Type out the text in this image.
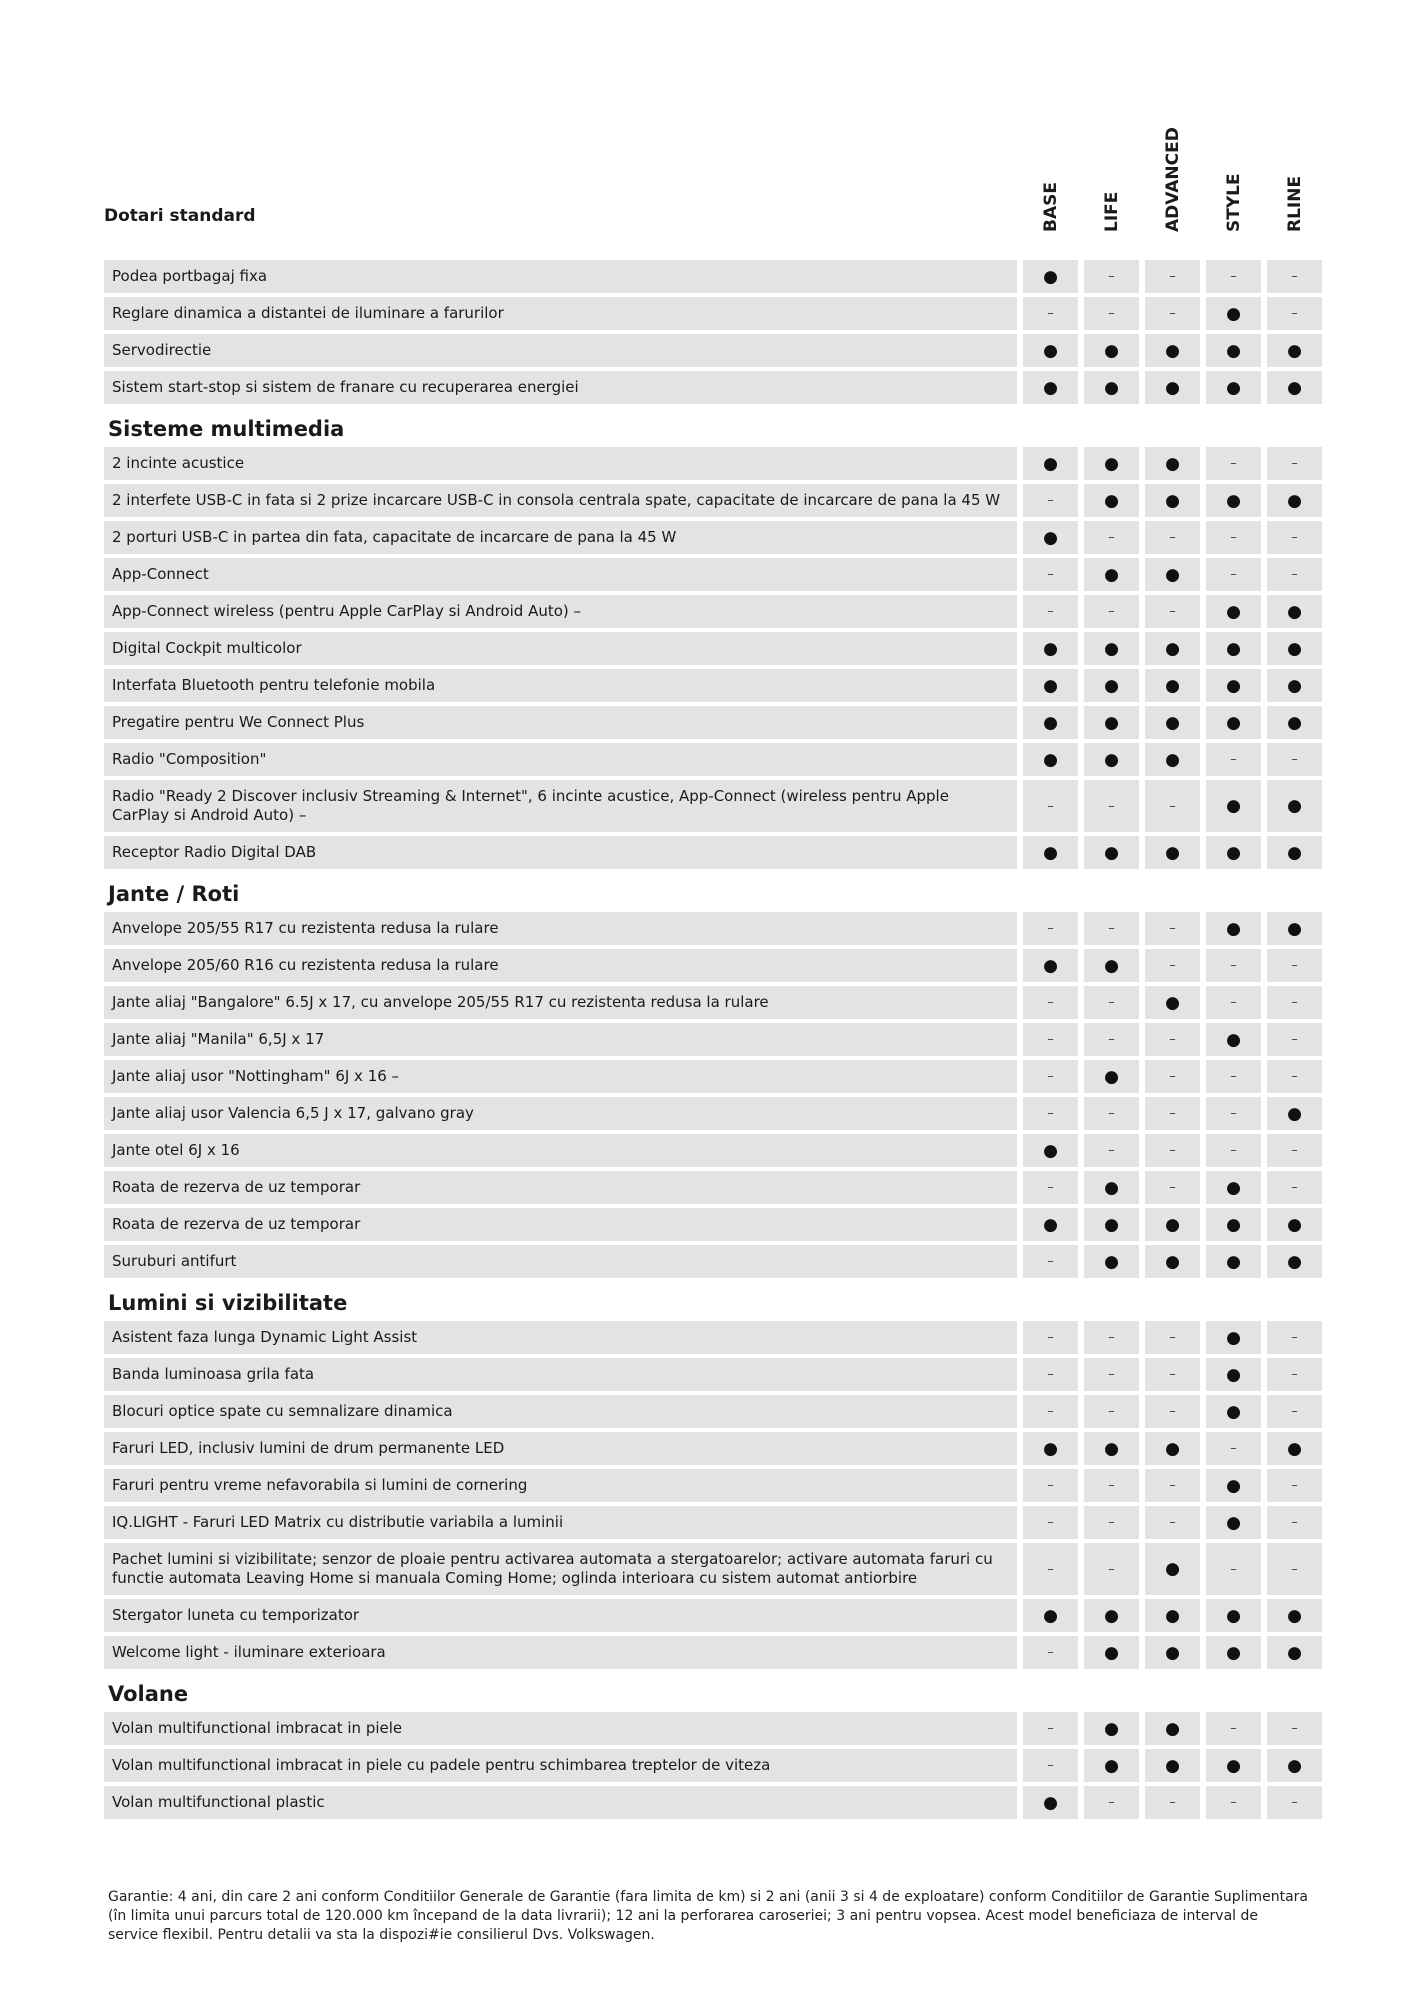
Dotari standard	BASE LIFE ADVANCED STYLE RLINE
Podea portbagaj fixa	●	–	–	–	–
Reglare dinamica a distantei de iluminare a farurilor	–	–	–	●	–
Servodirectie	●	●	●	●	●
Sistem start-stop si sistem de franare cu recuperarea energiei	●	●	●	●	●
Sisteme multimedia
2 incinte acustice	●	●	●	–	–
2 interfete USB-C in fata si 2 prize incarcare USB-C in consola centrala spate, capacitate de incarcare de pana la 45 W	–	●	●	●	●
2 porturi USB-C in partea din fata, capacitate de incarcare de pana la 45 W	●	–	–	–	–
App-Connect	–	●	●	–	–
App-Connect wireless (pentru Apple CarPlay si Android Auto) –	–	–	–	●	●
Digital Cockpit multicolor	●	●	●	●	●
Interfata Bluetooth pentru telefonie mobila	●	●	●	●	●
Pregatire pentru We Connect Plus	●	●	●	●	●
Radio "Composition"	●	●	●	–	–
Radio "Ready 2 Discover inclusiv Streaming & Internet", 6 incinte acustice, App-Connect (wireless pentru Apple CarPlay si Android Auto) –	–	–	–	●	●
Receptor Radio Digital DAB	●	●	●	●	●
Jante / Roti
Anvelope 205/55 R17 cu rezistenta redusa la rulare	–	–	–	●	●
Anvelope 205/60 R16 cu rezistenta redusa la rulare	●	●	–	–	–
Jante aliaj "Bangalore" 6.5J x 17, cu anvelope 205/55 R17 cu rezistenta redusa la rulare	–	–	●	–	–
Jante aliaj "Manila" 6,5J x 17	–	–	–	●	–
Jante aliaj usor "Nottingham" 6J x 16 –	–	●	–	–	–
Jante aliaj usor Valencia 6,5 J x 17, galvano gray	–	–	–	–	●
Jante otel 6J x 16	●	–	–	–	–
Roata de rezerva de uz temporar	–	●	–	●	–
Roata de rezerva de uz temporar	●	●	●	●	●
Suruburi antifurt	–	●	●	●	●
Lumini si vizibilitate
Asistent faza lunga Dynamic Light Assist	–	–	–	●	–
Banda luminoasa grila fata	–	–	–	●	–
Blocuri optice spate cu semnalizare dinamica	–	–	–	●	–
Faruri LED, inclusiv lumini de drum permanente LED	●	●	●	–	●
Faruri pentru vreme nefavorabila si lumini de cornering	–	–	–	●	–
IQ.LIGHT - Faruri LED Matrix cu distributie variabila a luminii	–	–	–	●	–
Pachet lumini si vizibilitate; senzor de ploaie pentru activarea automata a stergatoarelor; activare automata faruri cu functie automata Leaving Home si manuala Coming Home; oglinda interioara cu sistem automat antiorbire	–	–	●	–	–
Stergator luneta cu temporizator	●	●	●	●	●
Welcome light - iluminare exterioara	–	●	●	●	●
Volane
Volan multifunctional imbracat in piele	–	●	●	–	–
Volan multifunctional imbracat in piele cu padele pentru schimbarea treptelor de viteza	–	●	●	●	●
Volan multifunctional plastic	●	–	–	–	–
Garantie: 4 ani, din care 2 ani conform Conditiilor Generale de Garantie (fara limita de km) si 2 ani (anii 3 si 4 de exploatare) conform Conditiilor de Garantie Suplimentara (în limita unui parcurs total de 120.000 km începand de la data livrarii); 12 ani la perforarea caroseriei; 3 ani pentru vopsea. Acest model beneficiaza de interval de service flexibil. Pentru detalii va sta la dispozi#ie consilierul Dvs. Volkswagen.
